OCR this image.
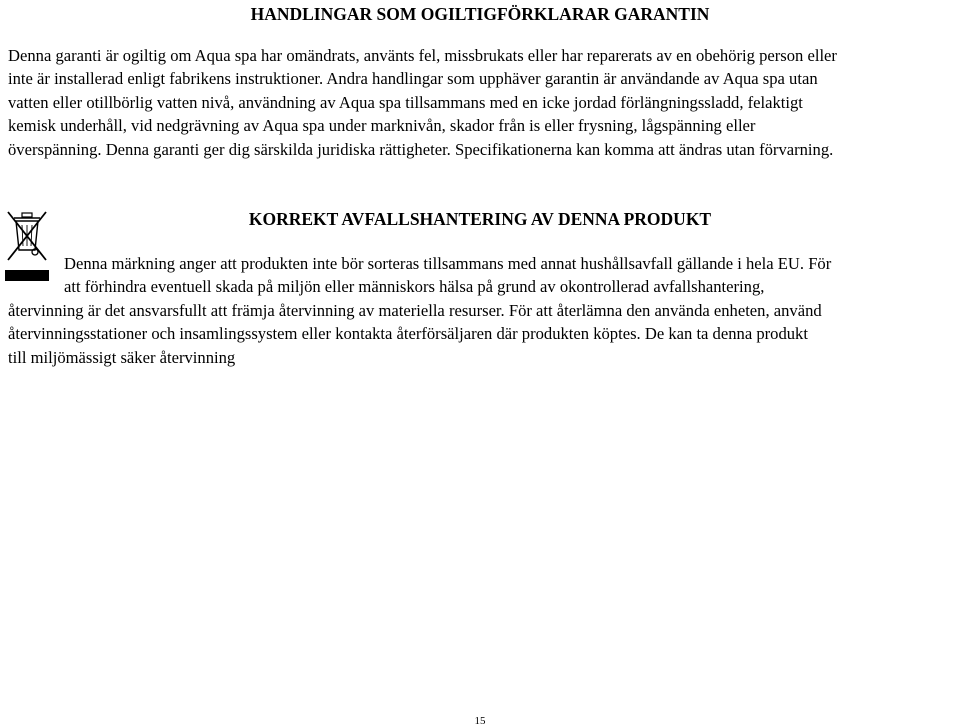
HANDLINGAR SOM OGILTIGFÖRKLARAR GARANTIN
Denna garanti är ogiltig om Aqua spa har omändrats, använts fel, missbrukats eller har reparerats av en obehörig person eller
inte är installerad enligt fabrikens instruktioner. Andra handlingar som upphäver garantin är användande av Aqua spa utan
vatten eller otillbörlig vatten nivå, användning av Aqua spa tillsammans med en icke jordad förlängningssladd, felaktigt
kemisk underhåll, vid nedgrävning av Aqua spa under marknivån, skador från is eller frysning, lågspänning eller
överspänning. Denna garanti ger dig särskilda juridiska rättigheter. Specifikationerna kan komma att ändras utan förvarning.
KORREKT AVFALLSHANTERING AV DENNA PRODUKT
Denna märkning anger att produkten inte bör sorteras tillsammans med annat hushållsavfall gällande i hela EU. För
att förhindra eventuell skada på miljön eller människors hälsa på grund av okontrollerad avfallshantering,
återvinning är det ansvarsfullt att främja återvinning av materiella resurser. För att återlämna den använda enheten, använd
återvinningsstationer och insamlingssystem eller kontakta återförsäljaren där produkten köptes. De kan ta denna produkt
till miljömässigt säker återvinning
15
